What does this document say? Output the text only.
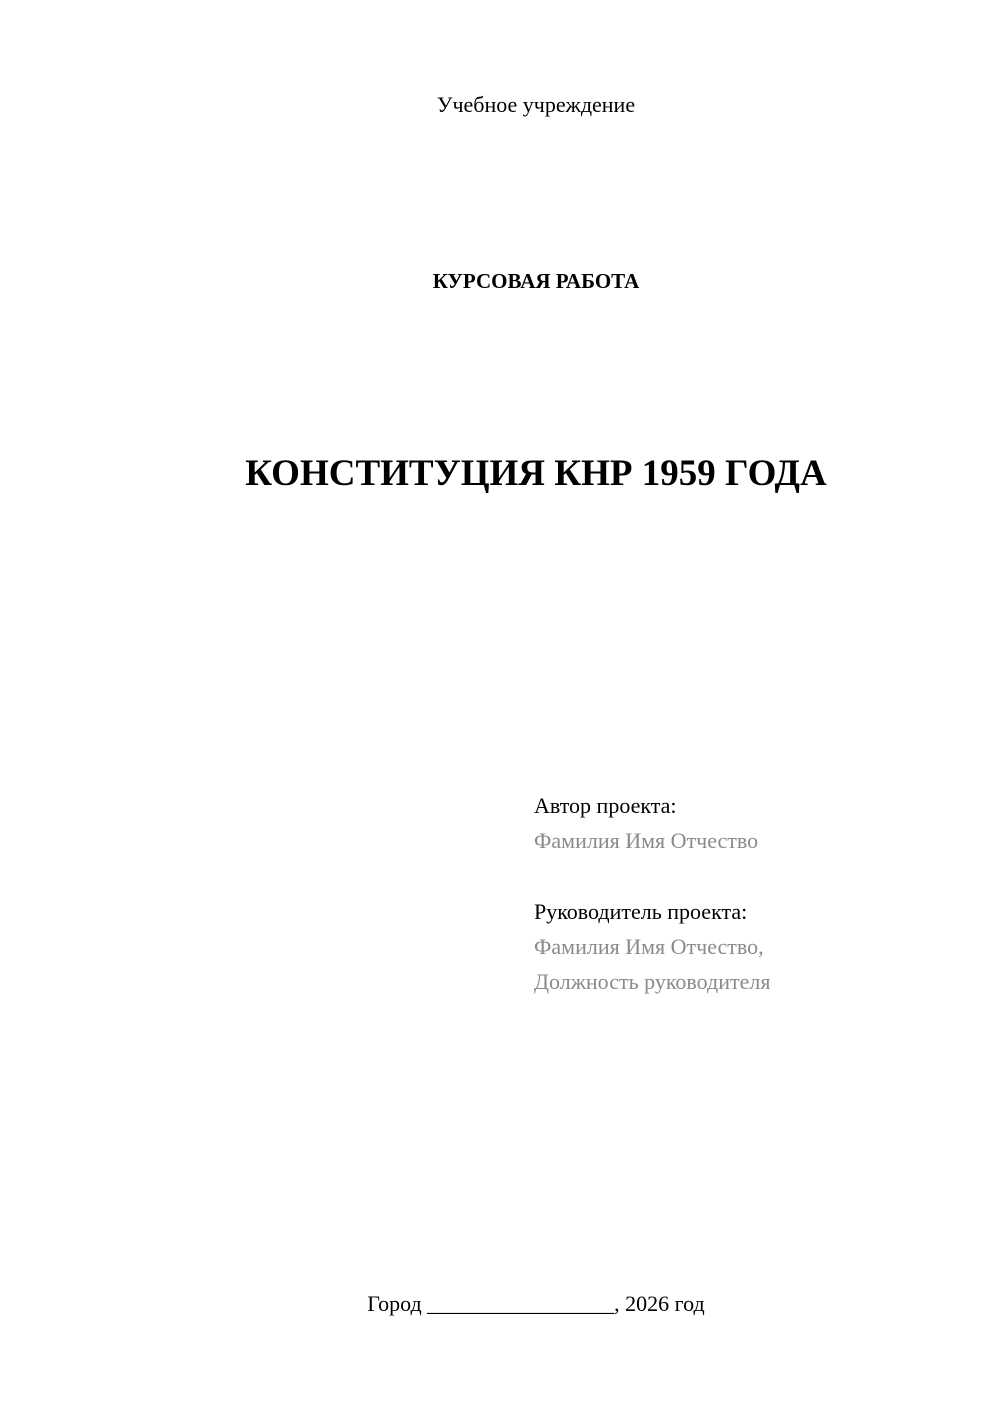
Учебное учреждение
КУРСОВАЯ РАБОТА
КОНСТИТУЦИЯ КНР 1959 ГОДА
Автор проекта:
Фамилия Имя Отчество
Руководитель проекта:
Фамилия Имя Отчество,
Должность руководителя
Город _________________, 2026 год
